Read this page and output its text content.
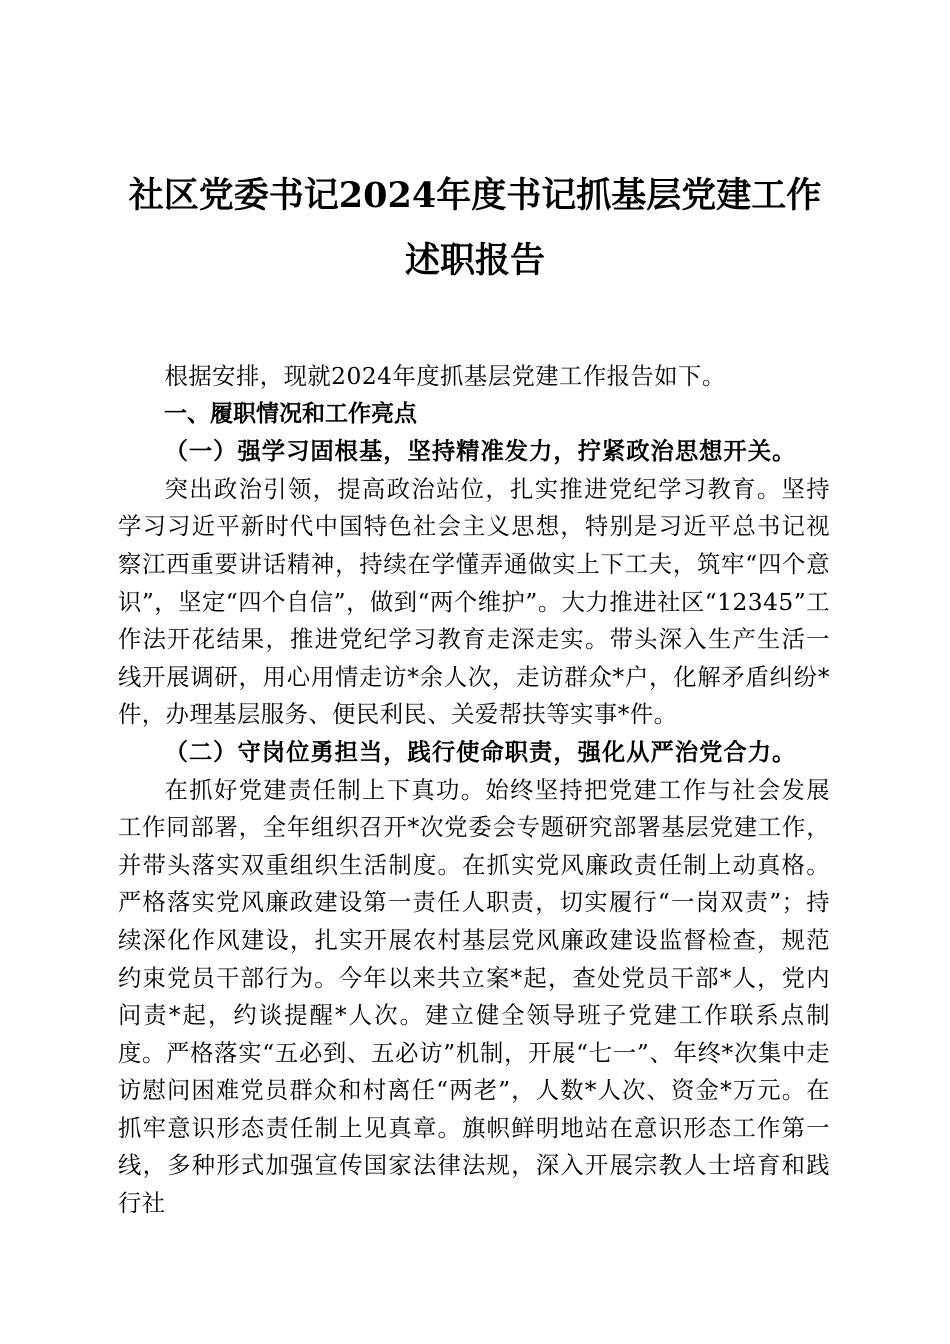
社区党委书记2024年度书记抓基层党建工作
述职报告

根据安排，现就2024年度抓基层党建工作报告如下。

一、履职情况和工作亮点

（一）强学习固根基，坚持精准发力，拧紧政治思想开关。

突出政治引领，提高政治站位，扎实推进党纪学习教育。坚持学习习近平新时代中国特色社会主义思想，特别是习近平总书记视察江西重要讲话精神，持续在学懂弄通做实上下工夫，筑牢“四个意识”，坚定“四个自信”，做到“两个维护”。大力推进社区“12345”工作法开花结果，推进党纪学习教育走深走实。带头深入生产生活一线开展调研，用心用情走访*余人次，走访群众*户，化解矛盾纠纷*件，办理基层服务、便民利民、关爱帮扶等实事*件。

（二）守岗位勇担当，践行使命职责，强化从严治党合力。

在抓好党建责任制上下真功。始终坚持把党建工作与社会发展工作同部署，全年组织召开*次党委会专题研究部署基层党建工作，并带头落实双重组织生活制度。在抓实党风廉政责任制上动真格。严格落实党风廉政建设第一责任人职责，切实履行“一岗双责”；持续深化作风建设，扎实开展农村基层党风廉政建设监督检查，规范约束党员干部行为。今年以来共立案*起，查处党员干部*人，党内问责*起，约谈提醒*人次。建立健全领导班子党建工作联系点制度。严格落实“五必到、五必访”机制，开展“七一”、年终*次集中走访慰问困难党员群众和村离任“两老”，人数*人次、资金*万元。在抓牢意识形态责任制上见真章。旗帜鲜明地站在意识形态工作第一线，多种形式加强宣传国家法律法规，深入开展宗教人士培育和践行社
